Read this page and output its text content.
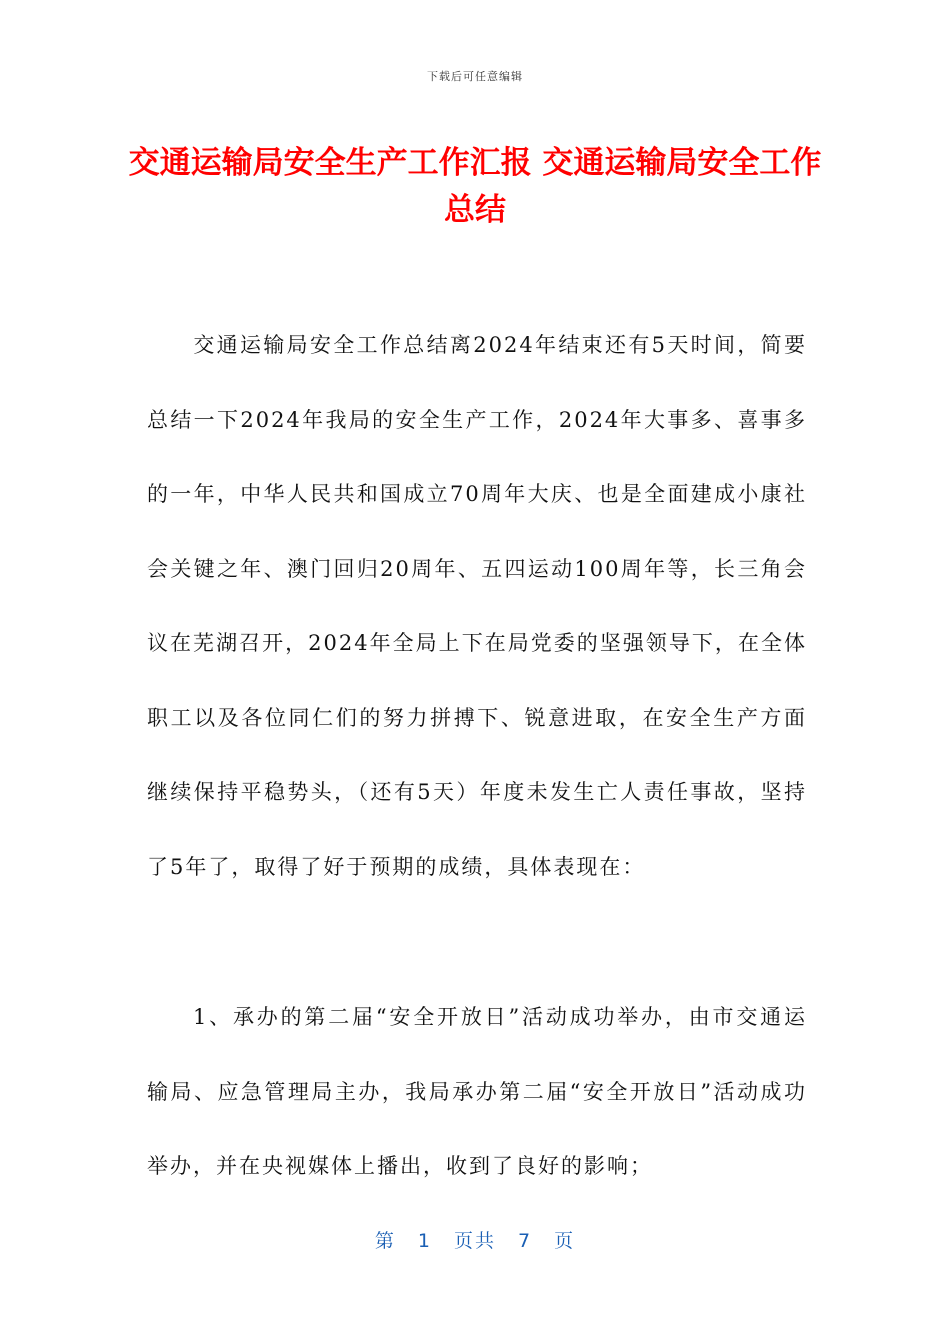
下载后可任意编辑
交通运输局安全生产工作汇报 交通运输局安全工作总结

交通运输局安全工作总结离2024年结束还有5天时间，简要总结一下2024年我局的安全生产工作，2024年大事多、喜事多的一年，中华人民共和国成立70周年大庆、也是全面建成小康社会关键之年、澳门回归20周年、五四运动100周年等，长三角会议在芜湖召开，2024年全局上下在局党委的坚强领导下，在全体职工以及各位同仁们的努力拼搏下、锐意进取，在安全生产方面继续保持平稳势头，（还有5天）年度未发生亡人责任事故，坚持了5年了，取得了好于预期的成绩，具体表现在：

1、承办的第二届“安全开放日”活动成功举办，由市交通运输局、应急管理局主办，我局承办第二届“安全开放日”活动成功举办，并在央视媒体上播出，收到了良好的影响；

第 1 页共 7 页
